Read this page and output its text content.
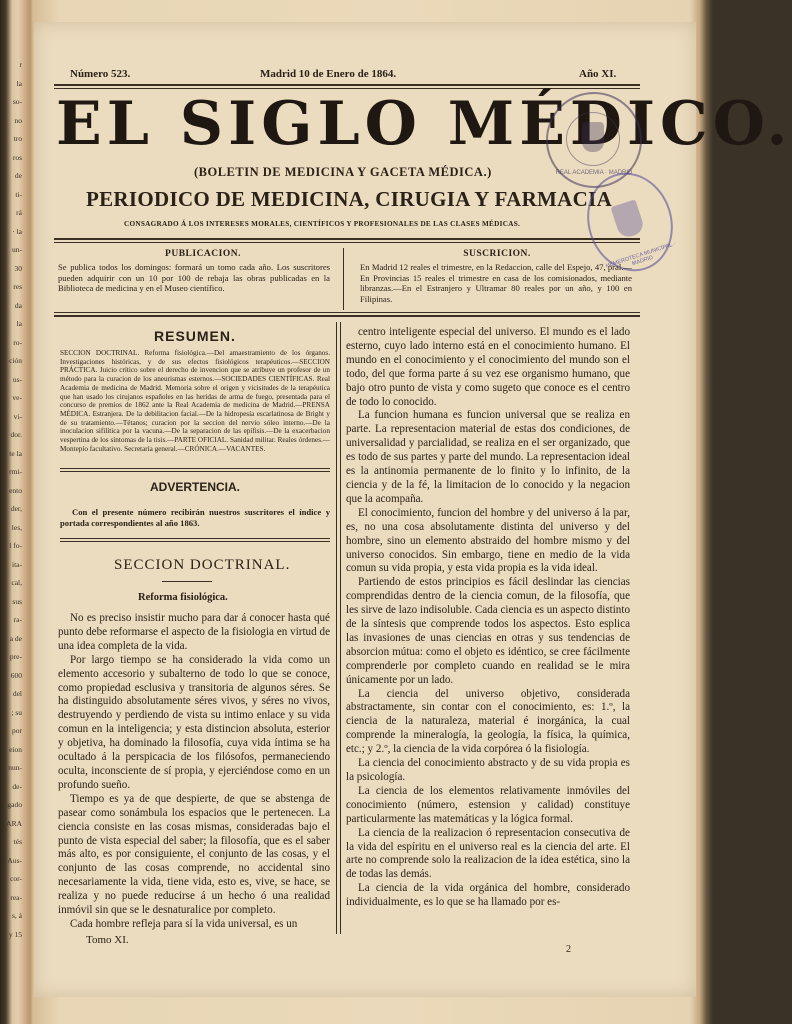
r
la
so-
no
tro
ros
de
ti-
rá
· la
un-
30
res
da
la
ro-
ción
us-
ve-
vi-
dor.
te la
rmi-
ento
der,
les,
l fo-
ita-
cal,
sus
ra-
a de
pre-
600
del
; su
por
eion
nun-
de-
gado
ARA
tés
Aus-
cor-
rea-
s, á
y 15
Número 523.	Madrid 10 de Enero de 1864.	Año XI.
EL SIGLO MÉDICO.
(BOLETIN DE MEDICINA Y GACETA MÉDICA.)
PERIODICO DE MEDICINA, CIRUGIA Y FARMACIA
CONSAGRADO Á LOS INTERESES MORALES, CIENTÍFICOS Y PROFESIONALES DE LAS CLASES MÉDICAS.
REAL ACADEMIA · MADRID
HEMEROTECA MUNICIPAL · MADRID
PUBLICACION.
Se publica todos los domingos: formará un tomo cada año. Los suscritores pueden adquirir con un 10 por 100 de rebaja las obras publicadas en la Biblioteca de medicina y en el Museo científico.
SUSCRICION.
En Madrid 12 reales el trimestre, en la Redaccion, calle del Espejo, 47, pral.—En Provincias 15 reales el trimestre en casa de los comisionados, mediante libranzas.—En el Estranjero y Ultramar 80 reales por un año, y 100 en Filipinas.
RESUMEN.
SECCION DOCTRINAL. Reforma fisiológica.—Del amaestramiento de los órganos. Investigaciones históricas, y de sus efectos fisiológicos terapéuticos.—SECCION PRÁCTICA. Juicio crítico sobre el derecho de invencion que se atribuye un profesor de un método para la curacion de los aneurismas esternos.—SOCIEDADES CIENTÍFICAS. Real Academia de medicina de Madrid. Memoria sobre el origen y vicisitudes de la terapéutica que han usado los cirujanos españoles en las heridas de arma de fuego, presentada para el concurso de premios de 1862 ante la Real Academia de medicina de Madrid.—PRENSA MÉDICA. Estranjera. De la debilitacion facial.—De la hidropesía escarlatinosa de Bright y de su tratamiento.—Tétanos; curacion por la seccion del nervio sóleo interno.—De la inoculacion sifilítica por la vacuna.—De la separacion de las epífisis.—De la exacerbacion vespertina de los síntomas de la tisis.—PARTE OFICIAL. Sanidad militar. Reales órdenes.—Montepío facultativo. Secretaría general.—CRÓNICA.—VACANTES.
ADVERTENCIA.
Con el presente número recibirán nuestros suscritores el índice y portada correspondientes al año 1863.
SECCION DOCTRINAL.
Reforma fisiológica.

No es preciso insistir mucho para dar á conocer hasta qué punto debe reformarse el aspecto de la fisiologia en virtud de una idea completa de la vida.

Por largo tiempo se ha considerado la vida como un elemento accesorio y subalterno de todo lo que se conoce, como propiedad esclusiva y transitoria de algunos séres. Se ha distinguido absolutamente séres vivos, y séres no vivos, destruyendo y perdiendo de vista su intimo enlace y su vida comun en la inteligencia; y esta distincion absoluta, esterior y objetiva, ha dominado la filosofía, cuya vida íntima se ha ocultado á la perspicacia de los filósofos, permaneciendo oculta, inconsciente de sí propia, y ejerciéndose como en un profundo sueño.

Tiempo es ya de que despierte, de que se abstenga de pasear como sonámbula los espacios que le pertenecen. La ciencia consiste en las cosas mismas, consideradas bajo el punto de vista especial del saber; la filosofía, que es el saber más alto, es por consiguiente, el conjunto de las cosas, y el conjunto de las cosas comprende, no accidental sino necesariamente la vida, tiene vida, esto es, vive, se hace, se realiza y no puede reducirse á un hecho ó una realidad inmóvil sin que se le desnaturalice por completo.

Cada hombre refleja para sí la vida universal, es un

Tomo XI.

centro inteligente especial del universo. El mundo es el lado esterno, cuyo lado interno está en el conocimiento humano. El mundo en el conocimiento y el conocimiento del mundo son el todo, del que forma parte á su vez ese organismo humano, que bajo otro punto de vista y como sugeto que conoce es el centro de todo lo conocido.

La funcion humana es funcion universal que se realiza en parte. La representacion material de estas dos condiciones, de universalidad y parcialidad, se realiza en el ser organizado, que es todo de sus partes y parte del mundo. La representacion ideal es la antinomia permanente de lo finito y lo infinito, de la ciencia y de la fé, la limitacion de lo conocido y la negacion que la acompaña.

El conocimiento, funcion del hombre y del universo á la par, es, no una cosa absolutamente distinta del universo y del hombre, sino un elemento abstraido del hombre mismo y del universo conocidos. Sin embargo, tiene en medio de la vida comun su vida propia, y esta vida propia es la vida ideal.

Partiendo de estos principios es fácil deslindar las ciencias comprendidas dentro de la ciencia comun, de la filosofía, que les sirve de lazo indisoluble. Cada ciencia es un aspecto distinto de la síntesis que comprende todos los aspectos. Esto esplica las invasiones de unas ciencias en otras y sus tendencias de absorcion mútua: como el objeto es idéntico, se cree fácilmente comprenderle por completo cuando en realidad se le mira únicamente por un lado.

La ciencia del universo objetivo, considerada abstractamente, sin contar con el conocimiento, es: 1.º, la ciencia de la naturaleza, material é inorgánica, la cual comprende la mineralogía, la geología, la física, la química, etc.; y 2.º, la ciencia de la vida corpórea ó la fisiología.

La ciencia del conocimiento abstracto y de su vida propia es la psicología.

La ciencia de los elementos relativamente inmóviles del conocimiento (número, estension y calidad) constituye particularmente las matemáticas y la lógica formal.

La ciencia de la realizacion ó representacion consecutiva de la vida del espíritu en el universo real es la ciencia del arte. El arte no comprende solo la realizacion de la idea estética, sino la de todas las demás.

La ciencia de la vida orgánica del hombre, considerado individualmente, es lo que se ha llamado por es-

2
